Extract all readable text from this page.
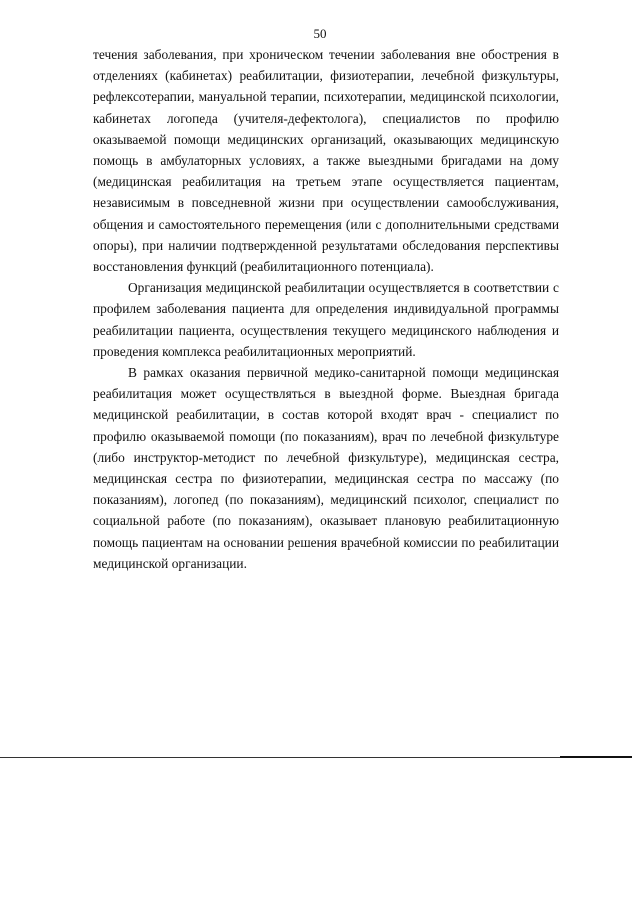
50

течения заболевания, при хроническом течении заболевания вне обострения в отделениях (кабинетах) реабилитации, физиотерапии, лечебной физкультуры, рефлексотерапии, мануальной терапии, психотерапии, медицинской психологии, кабинетах логопеда (учителя-дефектолога), специалистов по профилю оказываемой помощи медицинских организаций, оказывающих медицинскую помощь в амбулаторных условиях, а также выездными бригадами на дому (медицинская реабилитация на третьем этапе осуществляется пациентам, независимым в повседневной жизни при осуществлении самообслуживания, общения и самостоятельного перемещения (или с дополнительными средствами опоры), при наличии подтвержденной результатами обследования перспективы восстановления функций (реабилитационного потенциала).

Организация медицинской реабилитации осуществляется в соответствии с профилем заболевания пациента для определения индивидуальной программы реабилитации пациента, осуществления текущего медицинского наблюдения и проведения комплекса реабилитационных мероприятий.

В рамках оказания первичной медико-санитарной помощи медицинская реабилитация может осуществляться в выездной форме. Выездная бригада медицинской реабилитации, в состав которой входят врач - специалист по профилю оказываемой помощи (по показаниям), врач по лечебной физкультуре (либо инструктор-методист по лечебной физкультуре), медицинская сестра, медицинская сестра по физиотерапии, медицинская сестра по массажу (по показаниям), логопед (по показаниям), медицинский психолог, специалист по социальной работе (по показаниям), оказывает плановую реабилитационную помощь пациентам на основании решения врачебной комиссии по реабилитации медицинской организации.
